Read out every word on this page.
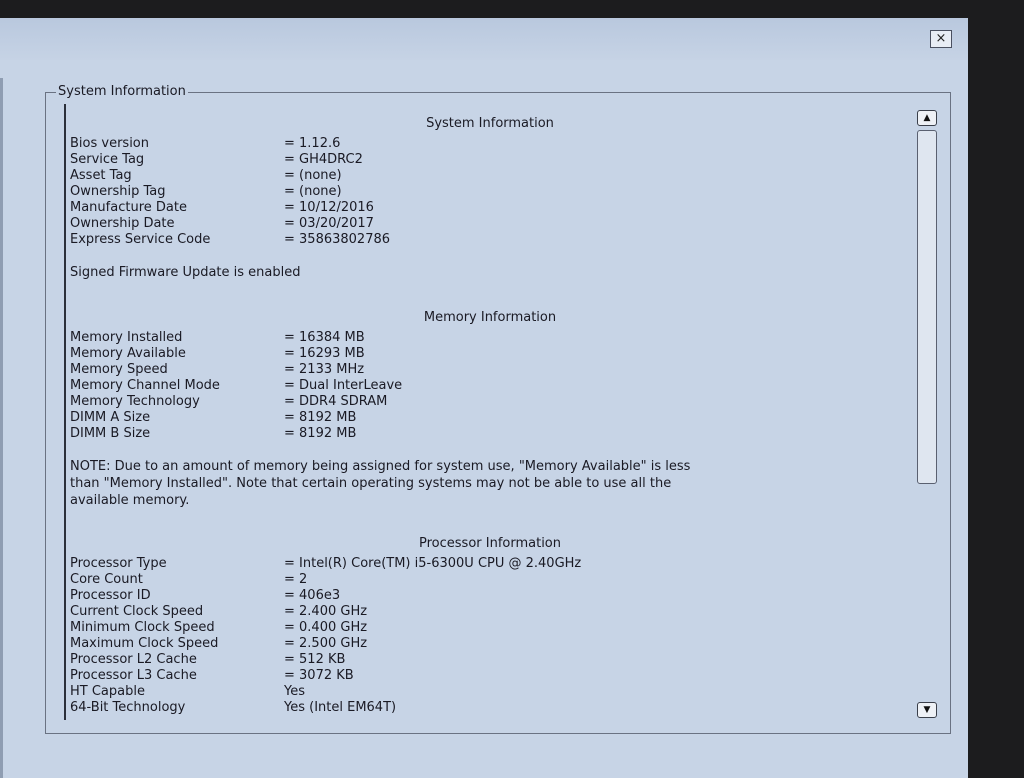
×
System Information
System Information
Bios version	= 1.12.6
Service Tag	= GH4DRC2
Asset Tag	= (none)
Ownership Tag	= (none)
Manufacture Date	= 10/12/2016
Ownership Date	= 03/20/2017
Express Service Code	= 35863802786
Signed Firmware Update is enabled
Memory Information
Memory Installed	= 16384 MB
Memory Available	= 16293 MB
Memory Speed	= 2133 MHz
Memory Channel Mode	= Dual InterLeave
Memory Technology	= DDR4 SDRAM
DIMM A Size	= 8192 MB
DIMM B Size	= 8192 MB
NOTE: Due to an amount of memory being assigned for system use, "Memory Available" is less
than "Memory Installed". Note that certain operating systems may not be able to use all the
available memory.
Processor Information
Processor Type	= Intel(R) Core(TM) i5-6300U CPU @ 2.40GHz
Core Count	= 2
Processor ID	= 406e3
Current Clock Speed	= 2.400 GHz
Minimum Clock Speed	= 0.400 GHz
Maximum Clock Speed	= 2.500 GHz
Processor L2 Cache	= 512 KB
Processor L3 Cache	= 3072 KB
HT Capable	Yes
64-Bit Technology	Yes (Intel EM64T)
▲
▼
